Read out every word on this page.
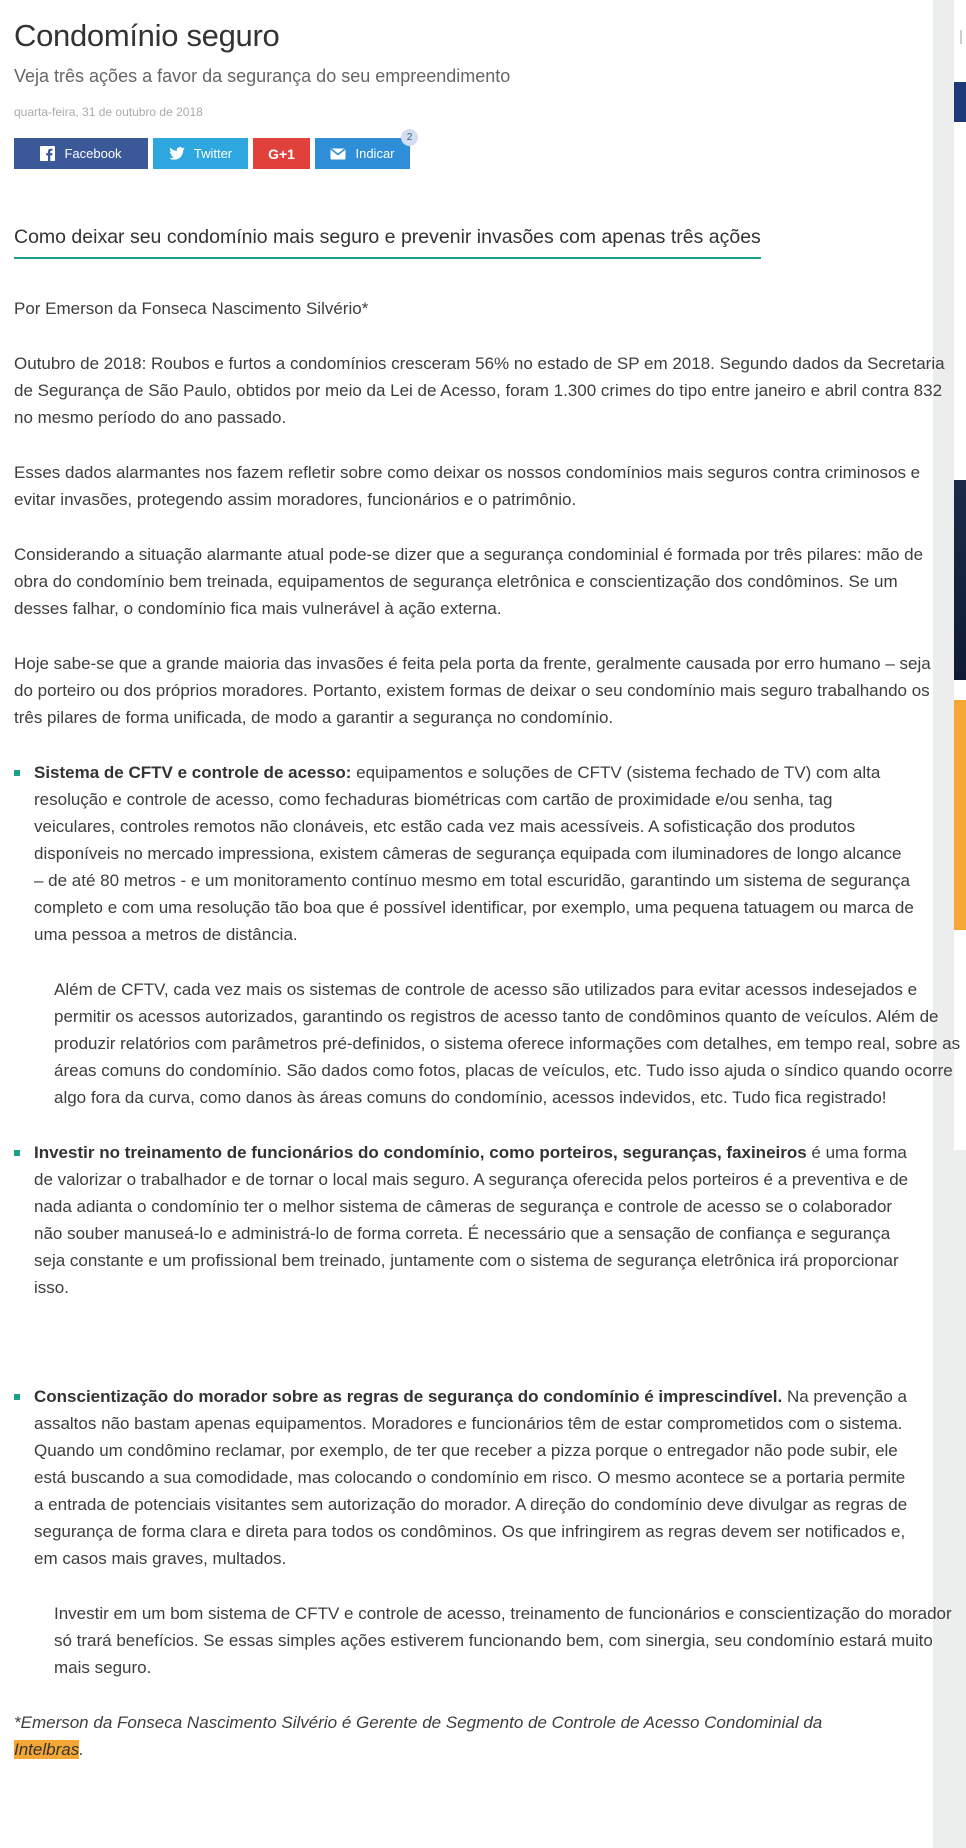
Condomínio seguro
Veja três ações a favor da segurança do seu empreendimento
quarta-feira, 31 de outubro de 2018
Facebook	Twitter	G+1	Indicar
2
Como deixar seu condomínio mais seguro e prevenir invasões com apenas três ações

Por Emerson da Fonseca Nascimento Silvério*

Outubro de 2018: Roubos e furtos a condomínios cresceram 56% no estado de SP em 2018. Segundo dados da Secretaria de Segurança de São Paulo, obtidos por meio da Lei de Acesso, foram 1.300 crimes do tipo entre janeiro e abril contra 832 no mesmo período do ano passado.

Esses dados alarmantes nos fazem refletir sobre como deixar os nossos condomínios mais seguros contra criminosos e evitar invasões, protegendo assim moradores, funcionários e o patrimônio.

Considerando a situação alarmante atual pode-se dizer que a segurança condominial é formada por três pilares: mão de obra do condomínio bem treinada, equipamentos de segurança eletrônica e conscientização dos condôminos. Se um desses falhar, o condomínio fica mais vulnerável à ação externa.

Hoje sabe-se que a grande maioria das invasões é feita pela porta da frente, geralmente causada por erro humano – seja do porteiro ou dos próprios moradores. Portanto, existem formas de deixar o seu condomínio mais seguro trabalhando os três pilares de forma unificada, de modo a garantir a segurança no condomínio.

Sistema de CFTV e controle de acesso: equipamentos e soluções de CFTV (sistema fechado de TV) com alta resolução e controle de acesso, como fechaduras biométricas com cartão de proximidade e/ou senha, tag veiculares, controles remotos não clonáveis, etc estão cada vez mais acessíveis. A sofisticação dos produtos disponíveis no mercado impressiona, existem câmeras de segurança equipada com iluminadores de longo alcance – de até 80 metros - e um monitoramento contínuo mesmo em total escuridão, garantindo um sistema de segurança completo e com uma resolução tão boa que é possível identificar, por exemplo, uma pequena tatuagem ou marca de uma pessoa a metros de distância.

Além de CFTV, cada vez mais os sistemas de controle de acesso são utilizados para evitar acessos indesejados e permitir os acessos autorizados, garantindo os registros de acesso tanto de condôminos quanto de veículos. Além de produzir relatórios com parâmetros pré-definidos, o sistema oferece informações com detalhes, em tempo real, sobre as áreas comuns do condomínio. São dados como fotos, placas de veículos, etc. Tudo isso ajuda o síndico quando ocorre algo fora da curva, como danos às áreas comuns do condomínio, acessos indevidos, etc. Tudo fica registrado!

Investir no treinamento de funcionários do condomínio, como porteiros, seguranças, faxineiros é uma forma de valorizar o trabalhador e de tornar o local mais seguro. A segurança oferecida pelos porteiros é a preventiva e de nada adianta o condomínio ter o melhor sistema de câmeras de segurança e controle de acesso se o colaborador não souber manuseá-lo e administrá-lo de forma correta. É necessário que a sensação de confiança e segurança seja constante e um profissional bem treinado, juntamente com o sistema de segurança eletrônica irá proporcionar isso.
Conscientização do morador sobre as regras de segurança do condomínio é imprescindível. Na prevenção a assaltos não bastam apenas equipamentos. Moradores e funcionários têm de estar comprometidos com o sistema. Quando um condômino reclamar, por exemplo, de ter que receber a pizza porque o entregador não pode subir, ele está buscando a sua comodidade, mas colocando o condomínio em risco. O mesmo acontece se a portaria permite a entrada de potenciais visitantes sem autorização do morador. A direção do condomínio deve divulgar as regras de segurança de forma clara e direta para todos os condôminos. Os que infringirem as regras devem ser notificados e, em casos mais graves, multados.

Investir em um bom sistema de CFTV e controle de acesso, treinamento de funcionários e conscientização do morador só trará benefícios. Se essas simples ações estiverem funcionando bem, com sinergia, seu condomínio estará muito mais seguro.

*Emerson da Fonseca Nascimento Silvério é Gerente de Segmento de Controle de Acesso Condominial da Intelbras.
